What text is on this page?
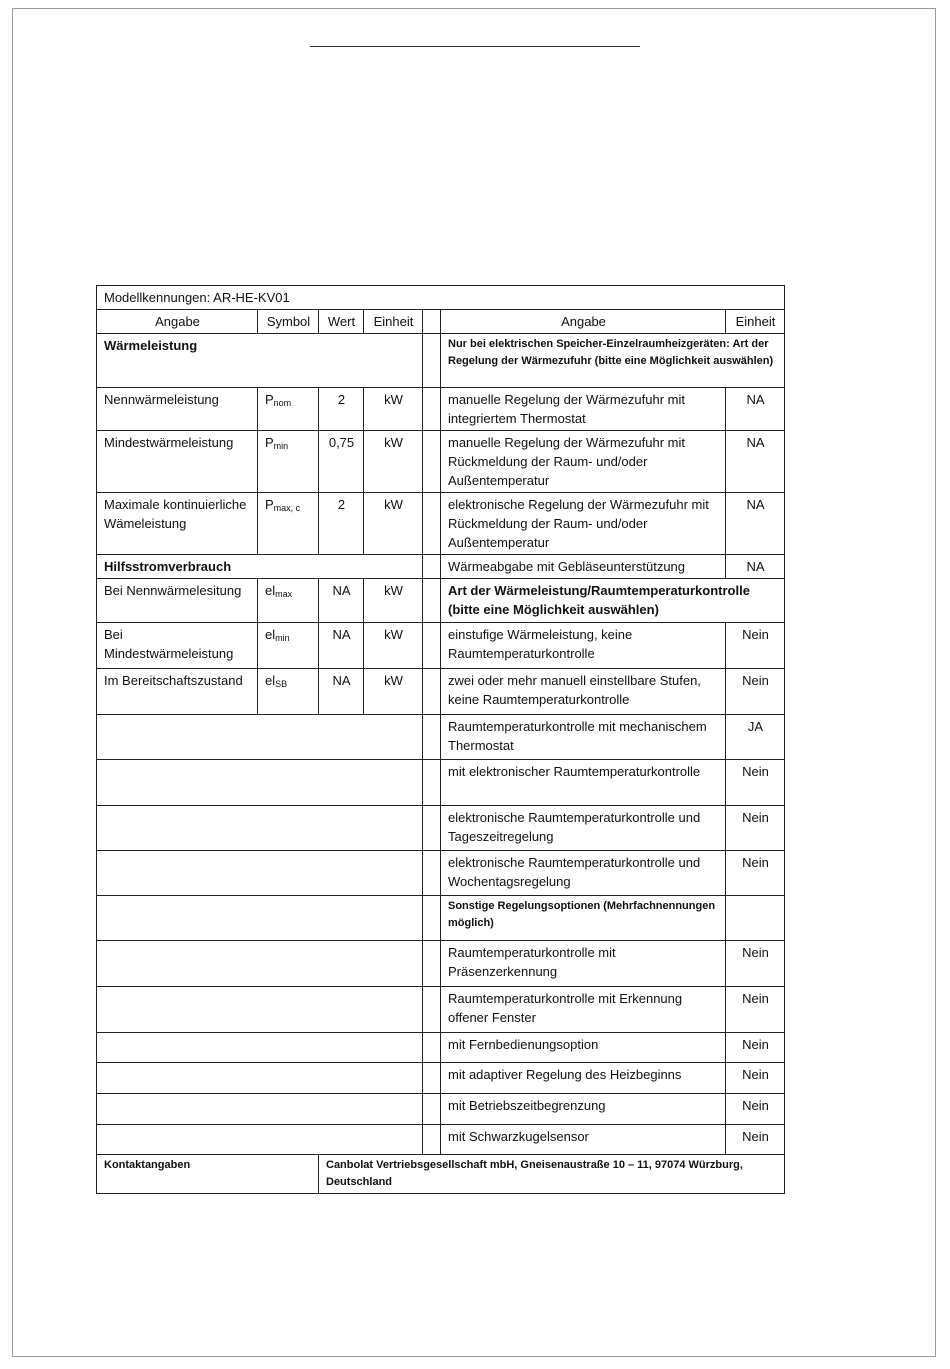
Modellkennungen: AR-HE-KV01						
Angabe	Symbol	Wert	Einheit		Angabe	Einheit
Wärmeleistung					Nur bei elektrischen Speicher-Einzelraumheizgeräten: Art der Regelung der Wärmezufuhr (bitte eine Möglichkeit auswählen)	
Nennwärmeleistung	$P_{nom}$	2	kW		manuelle Regelung der Wärmezufuhr mit integriertem Thermostat	NA
Mindestwärmeleistung	$P_{min}$	0,75	kW		manuelle Regelung der Wärmezufuhr mit Rückmeldung der Raum- und/oder Außentemperatur	NA
Maximale kontinuierliche Wämeleistung	$P_{max, c}$	2	kW		elektronische Regelung der Wärmezufuhr mit Rückmeldung der Raum- und/oder Außentemperatur	NA
Hilfsstromverbrauch					Wärmeabgabe mit Gebläseunterstützung	NA
Bei Nennwärmelesitung	$el_{max}$	NA	kW		Art der Wärmeleistung/Raumtemperaturkontrolle (bitte eine Möglichkeit auswählen)	
Bei Mindestwärmeleistung	$el_{min}$	NA	kW		einstufige Wärmeleistung, keine Raumtemperaturkontrolle	Nein
Im Bereitschaftszustand	$el_{SB}$	NA	kW		zwei oder mehr manuell einstellbare Stufen, keine Raumtemperaturkontrolle	Nein
					Raumtemperaturkontrolle mit mechanischem Thermostat	JA
					mit elektronischer Raumtemperaturkontrolle	Nein
					elektronische Raumtemperaturkontrolle und Tageszeitregelung	Nein
					elektronische Raumtemperaturkontrolle und Wochentagsregelung	Nein
					Sonstige Regelungsoptionen (Mehrfachnennungen möglich)	
					Raumtemperaturkontrolle mit Präsenzerkennung	Nein
					Raumtemperaturkontrolle mit Erkennung offener Fenster	Nein
					mit Fernbedienungsoption	Nein
					mit adaptiver Regelung des Heizbeginns	Nein
					mit Betriebszeitbegrenzung	Nein
					mit Schwarzkugelsensor	Nein
Kontaktangaben		Canbolat Vertriebsgesellschaft mbH, Gneisenaustraße 10 – 11, 97074 Würzburg, Deutschland				
